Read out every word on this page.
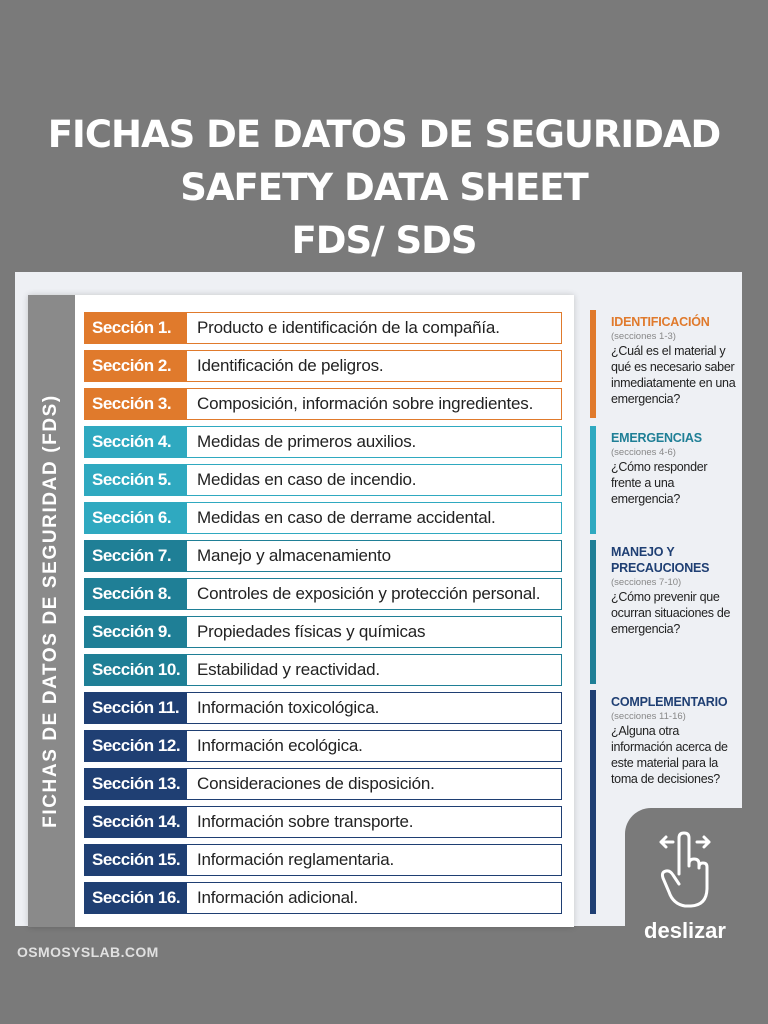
FICHAS DE DATOS DE SEGURIDAD
SAFETY DATA SHEET
FDS/ SDS
FICHAS DE DATOS DE SEGURIDAD (FDS)
Sección 1.	Producto e identificación de la compañía.
Sección 2.	Identificación de peligros.
Sección 3.	Composición, información sobre ingredientes.
Sección 4.	Medidas de primeros auxilios.
Sección 5.	Medidas en caso de incendio.
Sección 6.	Medidas en caso de derrame accidental.
Sección 7.	Manejo y almacenamiento
Sección 8.	Controles de exposición y protección personal.
Sección 9.	Propiedades físicas y químicas
Sección 10. Estabilidad y reactividad.
Sección 11.	Información toxicológica.
Sección 12. Información ecológica.
Sección 13. Consideraciones de disposición.
Sección 14. Información sobre transporte.
Sección 15. Información reglamentaria.
Sección 16. Información adicional.
IDENTIFICACIÓN
(secciones 1-3)
¿Cuál es el material y qué es necesario saber inmediatamente en una emergencia?
EMERGENCIAS
(secciones 4-6)
¿Cómo responder frente a una emergencia?
MANEJO Y PRECAUCIONES
(secciones 7-10)
¿Cómo prevenir que ocurran situaciones de emergencia?
COMPLEMENTARIO
(secciones 11-16)
¿Alguna otra información acerca de este material para la toma de decisiones?
deslizar
OSMOSYSLAB.COM
